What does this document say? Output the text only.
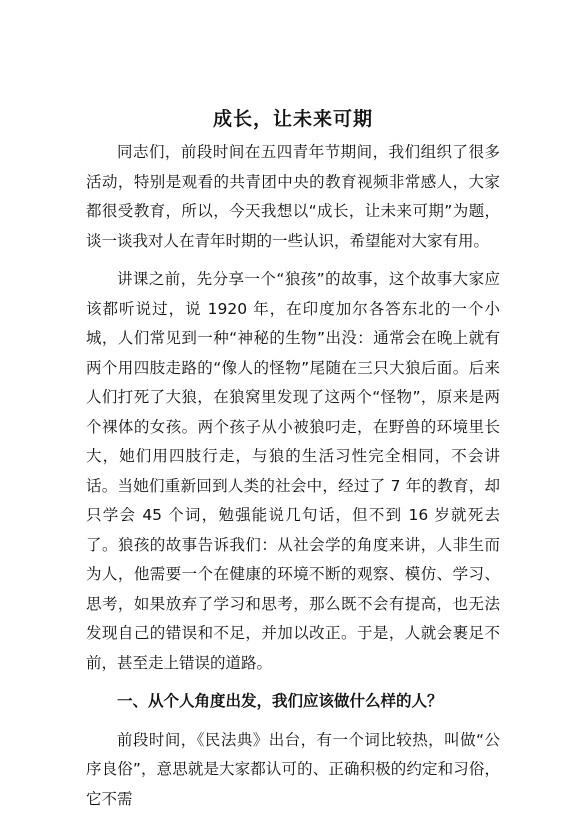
成长，让未来可期

同志们，前段时间在五四青年节期间，我们组织了很多活动，特别是观看的共青团中央的教育视频非常感人，大家都很受教育，所以，今天我想以“成长，让未来可期”为题，谈一谈我对人在青年时期的一些认识，希望能对大家有用。

讲课之前，先分享一个“狼孩”的故事，这个故事大家应该都听说过，说 1920 年，在印度加尔各答东北的一个小城，人们常见到一种“神秘的生物”出没：通常会在晚上就有两个用四肢走路的“像人的怪物”尾随在三只大狼后面。后来人们打死了大狼，在狼窝里发现了这两个“怪物”，原来是两个裸体的女孩。两个孩子从小被狼叼走，在野兽的环境里长大，她们用四肢行走，与狼的生活习性完全相同，不会讲话。当她们重新回到人类的社会中，经过了 7 年的教育，却只学会 45 个词，勉强能说几句话，但不到 16 岁就死去了。狼孩的故事告诉我们：从社会学的角度来讲，人非生而为人，他需要一个在健康的环境不断的观察、模仿、学习、思考，如果放弃了学习和思考，那么既不会有提高，也无法发现自己的错误和不足，并加以改正。于是，人就会裹足不前，甚至走上错误的道路。

一、从个人角度出发，我们应该做什么样的人？

前段时间，《民法典》出台，有一个词比较热，叫做“公序良俗”，意思就是大家都认可的、正确积极的约定和习俗，它不需
